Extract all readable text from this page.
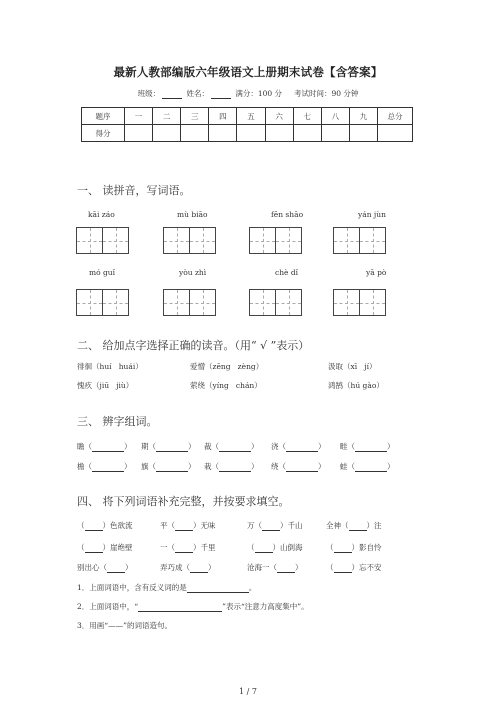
最新人教部编版六年级语文上册期末试卷【含答案】
班级：	姓名：	满分：100 分 考试时间：90 分钟
题序	一	二	三	四	五	六	七	八	九	总分
得分										
一、 读拼音，写词语。
kāi záo	mù biāo	fēn shāo	yán jùn
mó guǐ	yòu zhì	chè dǐ	yā pò
二、 给加点字选择正确的读音。（用“ √ ”表示）
徘徊（huí   huái）	爱憎（zēng   zèng）	汲取（xī   jí）
愧疚（jiū   jiù）	萦绕（yíng   chán）	鸿鹄（hú gào）
三、 辨字组词。
瞻（	） 期（	） 裁（	） 浇（	） 畦（	）
檐（	） 旗（	） 栽（	） 绕（	） 蛙（	）
四、 将下列词语补充完整，并按要求填空。
（ ）色欲流	平（ ）无味	万（ ）千山	全神（ ）注
（ ）崖绝壁	一（ ）千里	（ ）山倒海	（ ）影自怜
别出心（ ）	弄巧成（ ）	沧海一（ ）	（ ）忘不安
1．上面词语中，含有反义词的是	。
2．上面词语中，“	”表示“注意力高度集中”。
3．用画“——”的词语造句。
1 / 7
